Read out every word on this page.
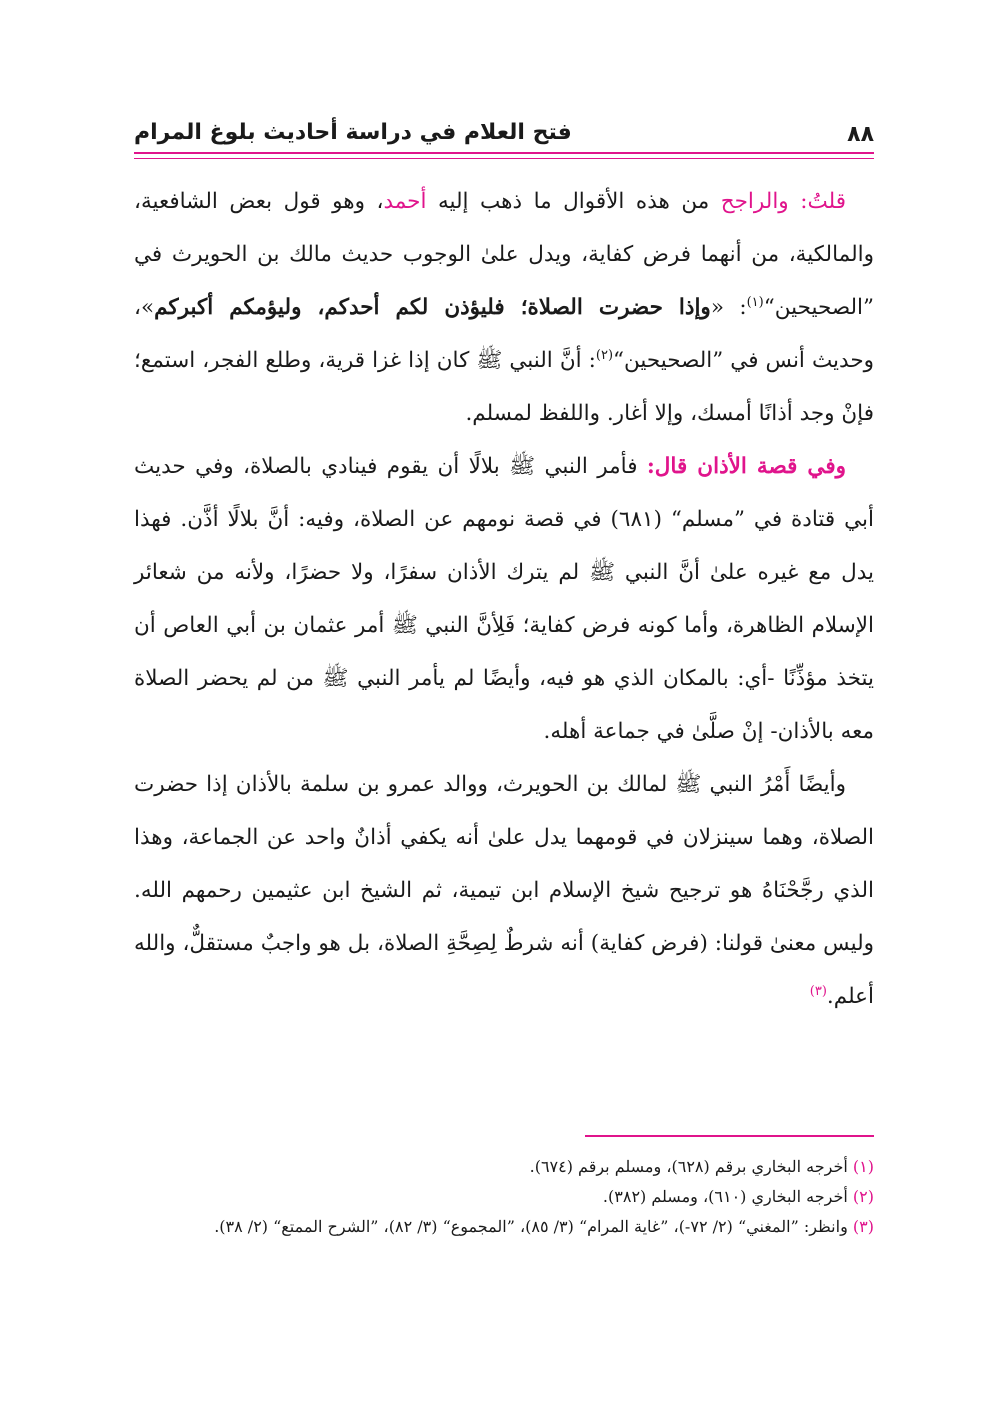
٨٨
فتح العلام في دراسة أحاديث بلوغ المرام

قلتُ: والراجح من هذه الأقوال ما ذهب إليه أحمد، وهو قول بعض الشافعية، والمالكية، من أنهما فرض كفاية، ويدل علىٰ الوجوب حديث مالك بن الحويرث في ”الصحيحين“$^{(١)}$: «وإذا حضرت الصلاة؛ فليؤذن لكم أحدكم، وليؤمكم أكبركم»، وحديث أنس في ”الصحيحين“$^{(٢)}$: أنَّ النبي ﷺ كان إذا غزا قرية، وطلع الفجر، استمع؛ فإنْ وجد أذانًا أمسك، وإلا أغار. واللفظ لمسلم.

وفي قصة الأذان قال: فأمر النبي ﷺ بلالًا أن يقوم فينادي بالصلاة، وفي حديث أبي قتادة في ”مسلم“ (٦٨١) في قصة نومهم عن الصلاة، وفيه: أنَّ بلالًا أذَّن. فهذا يدل مع غيره علىٰ أنَّ النبي ﷺ لم يترك الأذان سفرًا، ولا حضرًا، ولأنه من شعائر الإسلام الظاهرة، وأما كونه فرض كفاية؛ فَلِأنَّ النبي ﷺ أمر عثمان بن أبي العاص أن يتخذ مؤذِّنًا -أي: بالمكان الذي هو فيه، وأيضًا لم يأمر النبي ﷺ من لم يحضر الصلاة معه بالأذان- إنْ صلَّىٰ في جماعة أهله.

وأيضًا أَمْرُ النبي ﷺ لمالك بن الحويرث، ووالد عمرو بن سلمة بالأذان إذا حضرت الصلاة، وهما سينزلان في قومهما يدل علىٰ أنه يكفي أذانٌ واحد عن الجماعة، وهذا الذي رجَّحْنَاهُ هو ترجيح شيخ الإسلام ابن تيمية، ثم الشيخ ابن عثيمين رحمهم الله. وليس معنىٰ قولنا: (فرض كفاية) أنه شرطٌ لِصِحَّةِ الصلاة، بل هو واجبٌ مستقلٌّ، والله أعلم.$^{(٣)}$

(١) أخرجه البخاري برقم (٦٢٨)، ومسلم برقم (٦٧٤).

(٢) أخرجه البخاري (٦١٠)، ومسلم (٣٨٢).

(٣) وانظر: ”المغني“ (٢/ ٧٢-)، ”غاية المرام“ (٣/ ٨٥)، ”المجموع“ (٣/ ٨٢)، ”الشرح الممتع“ (٢/ ٣٨).
